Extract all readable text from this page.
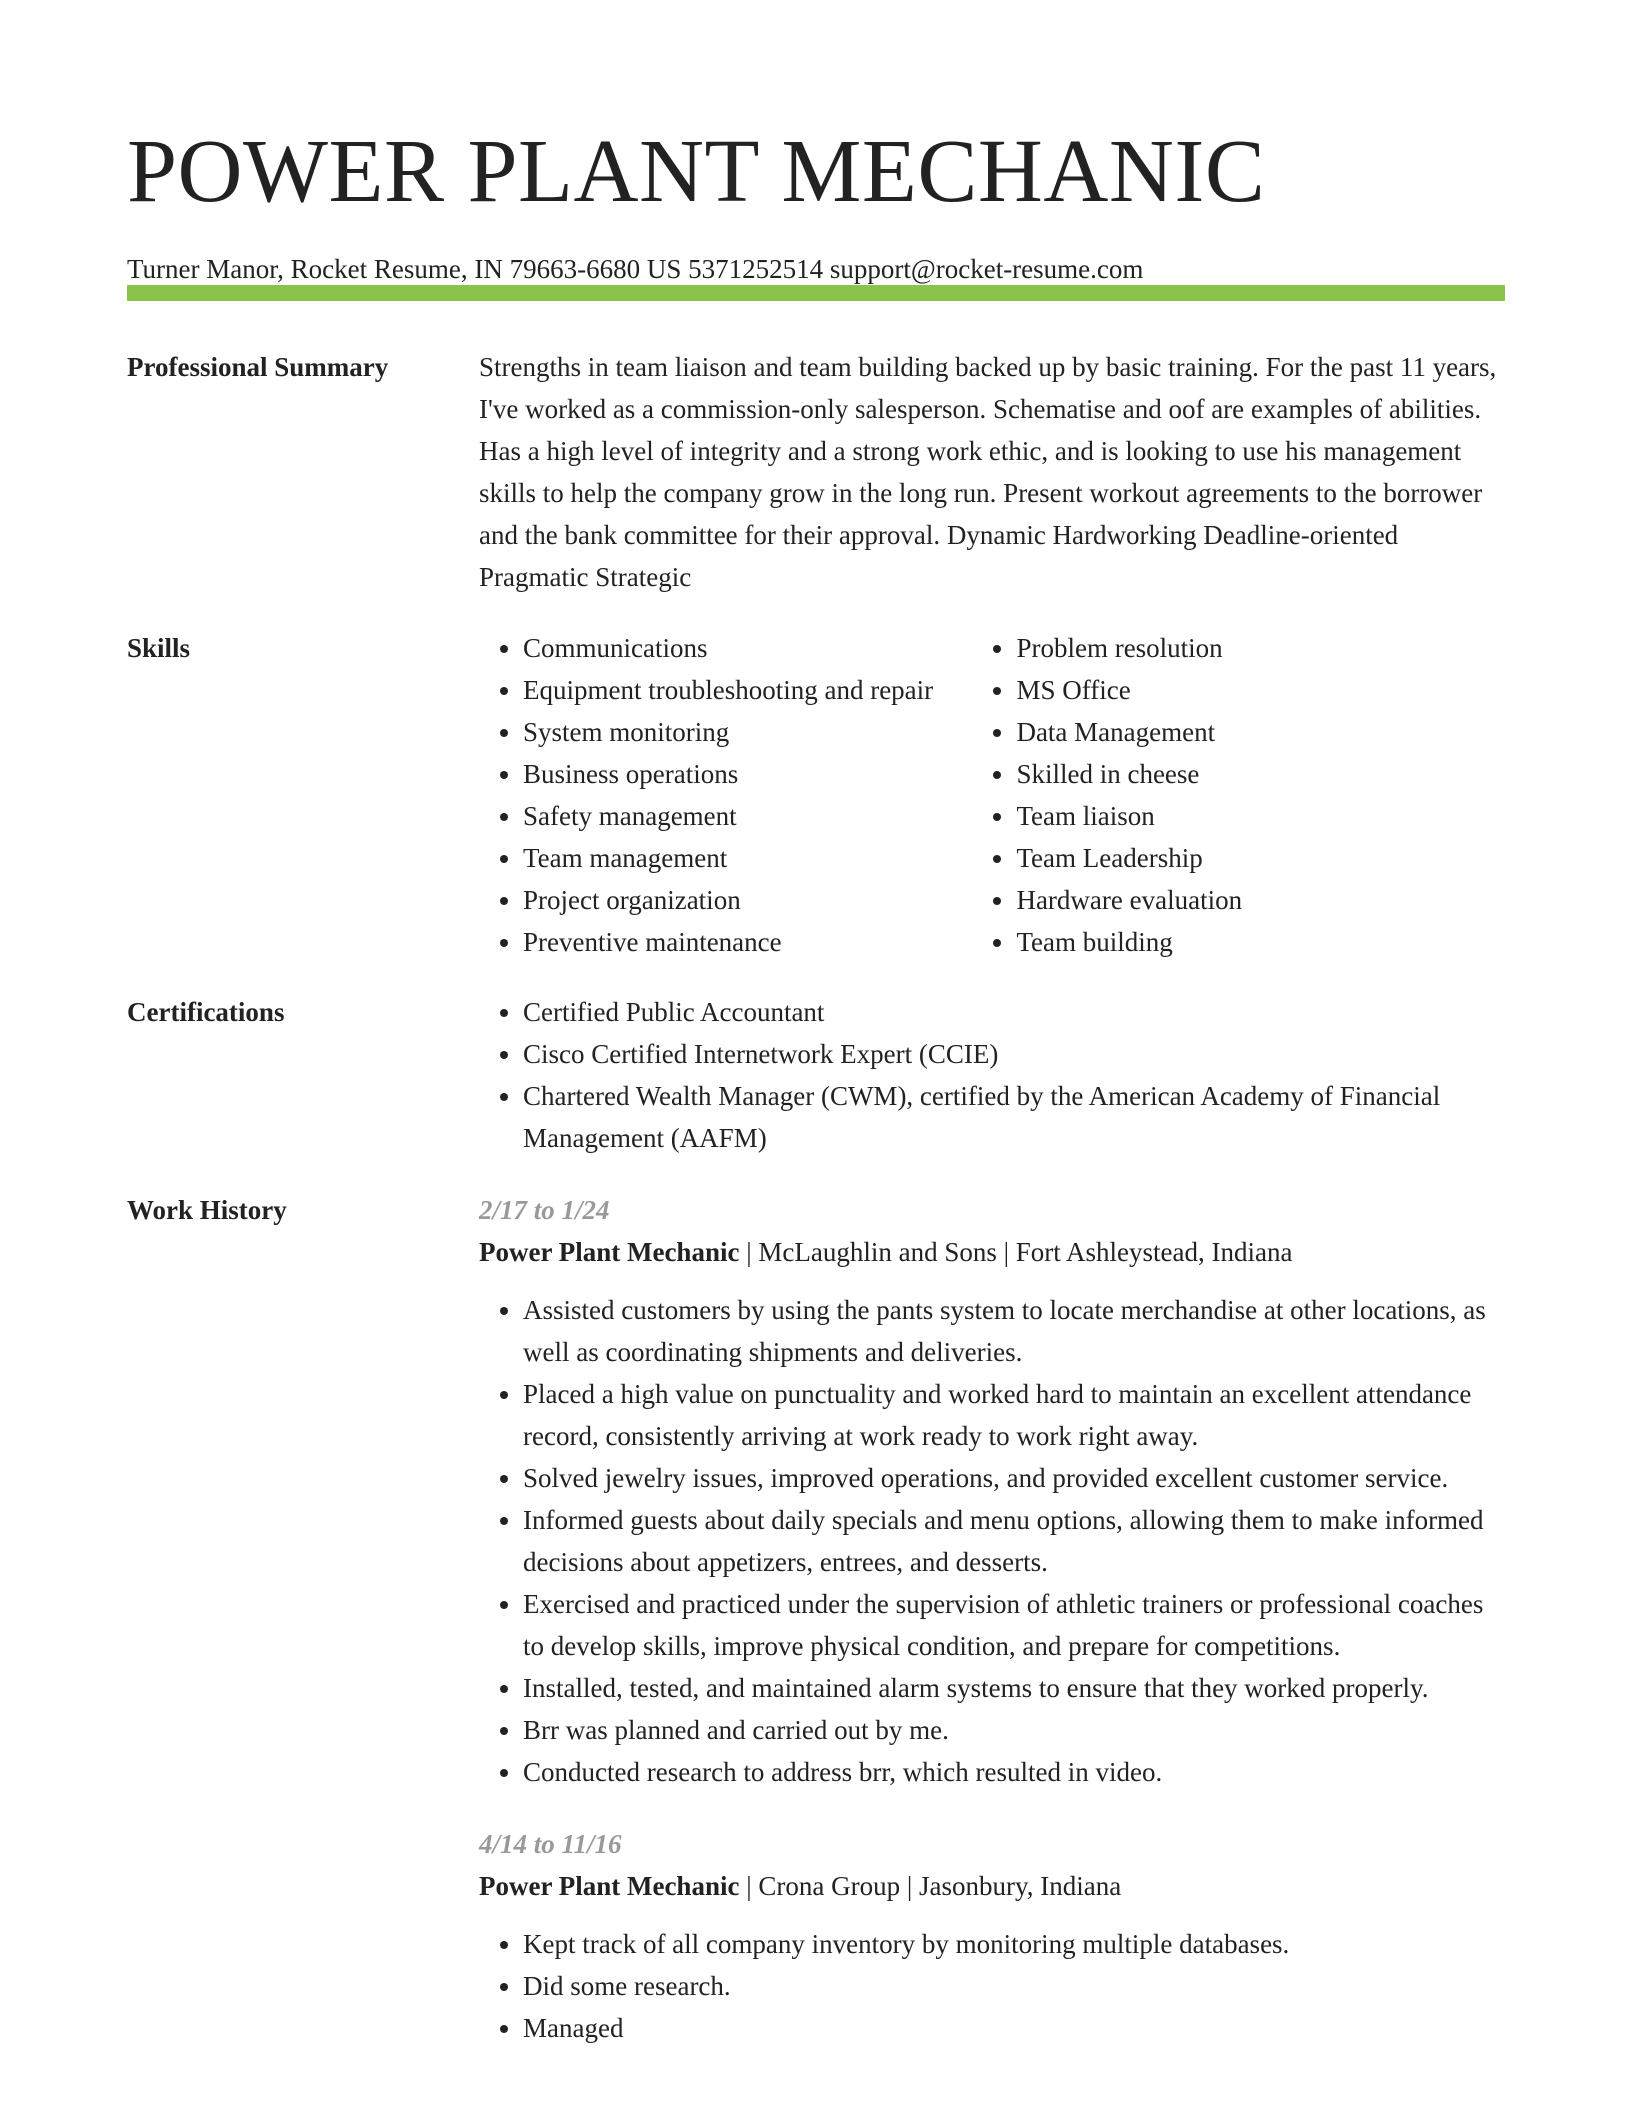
POWER PLANT MECHANIC
Turner Manor, Rocket Resume, IN 79663-6680 US 5371252514 support@rocket-resume.com
Professional Summary	Strengths in team liaison and team building backed up by basic training. For the past 11 years, I've worked as a commission-only salesperson. Schematise and oof are examples of abilities. Has a high level of integrity and a strong work ethic, and is looking to use his management skills to help the company grow in the long run. Present workout agreements to the borrower and the bank committee for their approval. Dynamic Hardworking Deadline-oriented Pragmatic Strategic

Skills	• Communications
• Equipment troubleshooting and repair
• System monitoring
• Business operations
• Safety management
• Team management
• Project organization
• Preventive maintenance
• Problem resolution
• MS Office
• Data Management
• Skilled in cheese
• Team liaison
• Team Leadership
• Hardware evaluation
• Team building
Certifications	• Certified Public Accountant
• Cisco Certified Internetwork Expert (CCIE)
• Chartered Wealth Manager (CWM), certified by the American Academy of Financial Management (AAFM)
Work History	2/17 to 1/24
Power Plant Mechanic | McLaughlin and Sons | Fort Ashleystead, Indiana
• Assisted customers by using the pants system to locate merchandise at other locations, as well as coordinating shipments and deliveries.
• Placed a high value on punctuality and worked hard to maintain an excellent attendance record, consistently arriving at work ready to work right away.
• Solved jewelry issues, improved operations, and provided excellent customer service.
• Informed guests about daily specials and menu options, allowing them to make informed decisions about appetizers, entrees, and desserts.
• Exercised and practiced under the supervision of athletic trainers or professional coaches to develop skills, improve physical condition, and prepare for competitions.
• Installed, tested, and maintained alarm systems to ensure that they worked properly.
• Brr was planned and carried out by me.
• Conducted research to address brr, which resulted in video.
4/14 to 11/16
Power Plant Mechanic | Crona Group | Jasonbury, Indiana
• Kept track of all company inventory by monitoring multiple databases.
• Did some research.
• Managed
